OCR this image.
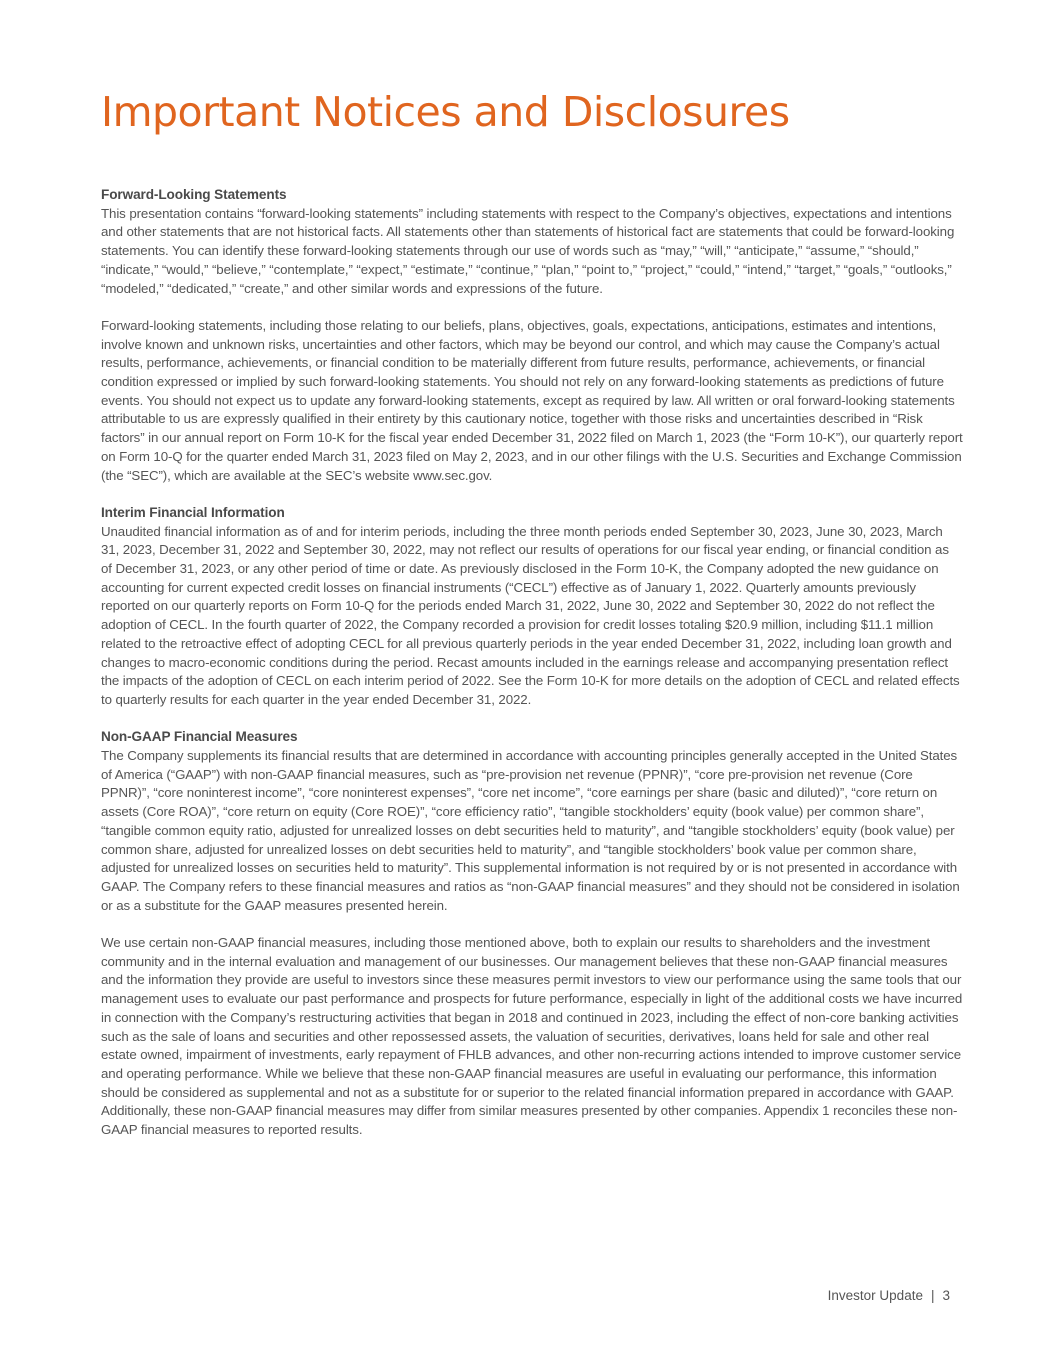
Important Notices and Disclosures
Forward-Looking Statements

This presentation contains “forward-looking statements” including statements with respect to the Company’s objectives, expectations and intentions and other statements that are not historical facts. All statements other than statements of historical fact are statements that could be forward-looking statements. You can identify these forward-looking statements through our use of words such as “may,” “will,” “anticipate,” “assume,” “should,” “indicate,” “would,” “believe,” “contemplate,” “expect,” “estimate,” “continue,” “plan,” “point to,” “project,” “could,” “intend,” “target,” “goals,” “outlooks,” “modeled,” “dedicated,” “create,” and other similar words and expressions of the future.

Forward-looking statements, including those relating to our beliefs, plans, objectives, goals, expectations, anticipations, estimates and intentions, involve known and unknown risks, uncertainties and other factors, which may be beyond our control, and which may cause the Company’s actual results, performance, achievements, or financial condition to be materially different from future results, performance, achievements, or financial condition expressed or implied by such forward-looking statements. You should not rely on any forward-looking statements as predictions of future events. You should not expect us to update any forward-looking statements, except as required by law. All written or oral forward-looking statements attributable to us are expressly qualified in their entirety by this cautionary notice, together with those risks and uncertainties described in “Risk factors” in our annual report on Form 10-K for the fiscal year ended December 31, 2022 filed on March 1, 2023 (the “Form 10-K”), our quarterly report on Form 10-Q for the quarter ended March 31, 2023 filed on May 2, 2023, and in our other filings with the U.S. Securities and Exchange Commission (the “SEC”), which are available at the SEC’s website www.sec.gov.

Interim Financial Information

Unaudited financial information as of and for interim periods, including the three month periods ended September 30, 2023, June 30, 2023, March 31, 2023, December 31, 2022 and September 30, 2022, may not reflect our results of operations for our fiscal year ending, or financial condition as of December 31, 2023, or any other period of time or date. As previously disclosed in the Form 10-K, the Company adopted the new guidance on accounting for current expected credit losses on financial instruments (“CECL”) effective as of January 1, 2022. Quarterly amounts previously reported on our quarterly reports on Form 10-Q for the periods ended March 31, 2022, June 30, 2022 and September 30, 2022 do not reflect the adoption of CECL. In the fourth quarter of 2022, the Company recorded a provision for credit losses totaling $20.9 million, including $11.1 million related to the retroactive effect of adopting CECL for all previous quarterly periods in the year ended December 31, 2022, including loan growth and changes to macro-economic conditions during the period. Recast amounts included in the earnings release and accompanying presentation reflect the impacts of the adoption of CECL on each interim period of 2022. See the Form 10-K for more details on the adoption of CECL and related effects to quarterly results for each quarter in the year ended December 31, 2022.

Non-GAAP Financial Measures

The Company supplements its financial results that are determined in accordance with accounting principles generally accepted in the United States of America (“GAAP”) with non-GAAP financial measures, such as “pre-provision net revenue (PPNR)”, “core pre-provision net revenue (Core PPNR)”, “core noninterest income”, “core noninterest expenses”, “core net income”, “core earnings per share (basic and diluted)”, “core return on assets (Core ROA)”, “core return on equity (Core ROE)”, “core efficiency ratio”, “tangible stockholders’ equity (book value) per common share”, “tangible common equity ratio, adjusted for unrealized losses on debt securities held to maturity”, and “tangible stockholders’ equity (book value) per common share, adjusted for unrealized losses on debt securities held to maturity”, and “tangible stockholders’ book value per common share, adjusted for unrealized losses on securities held to maturity”. This supplemental information is not required by or is not presented in accordance with GAAP. The Company refers to these financial measures and ratios as “non-GAAP financial measures” and they should not be considered in isolation or as a substitute for the GAAP measures presented herein.

We use certain non-GAAP financial measures, including those mentioned above, both to explain our results to shareholders and the investment community and in the internal evaluation and management of our businesses. Our management believes that these non-GAAP financial measures and the information they provide are useful to investors since these measures permit investors to view our performance using the same tools that our management uses to evaluate our past performance and prospects for future performance, especially in light of the additional costs we have incurred in connection with the Company’s restructuring activities that began in 2018 and continued in 2023, including the effect of non-core banking activities such as the sale of loans and securities and other repossessed assets, the valuation of securities, derivatives, loans held for sale and other real estate owned, impairment of investments, early repayment of FHLB advances, and other non-recurring actions intended to improve customer service and operating performance. While we believe that these non-GAAP financial measures are useful in evaluating our performance, this information should be considered as supplemental and not as a substitute for or superior to the related financial information prepared in accordance with GAAP. Additionally, these non-GAAP financial measures may differ from similar measures presented by other companies. Appendix 1 reconciles these non-GAAP financial measures to reported results.

Investor Update | 3
